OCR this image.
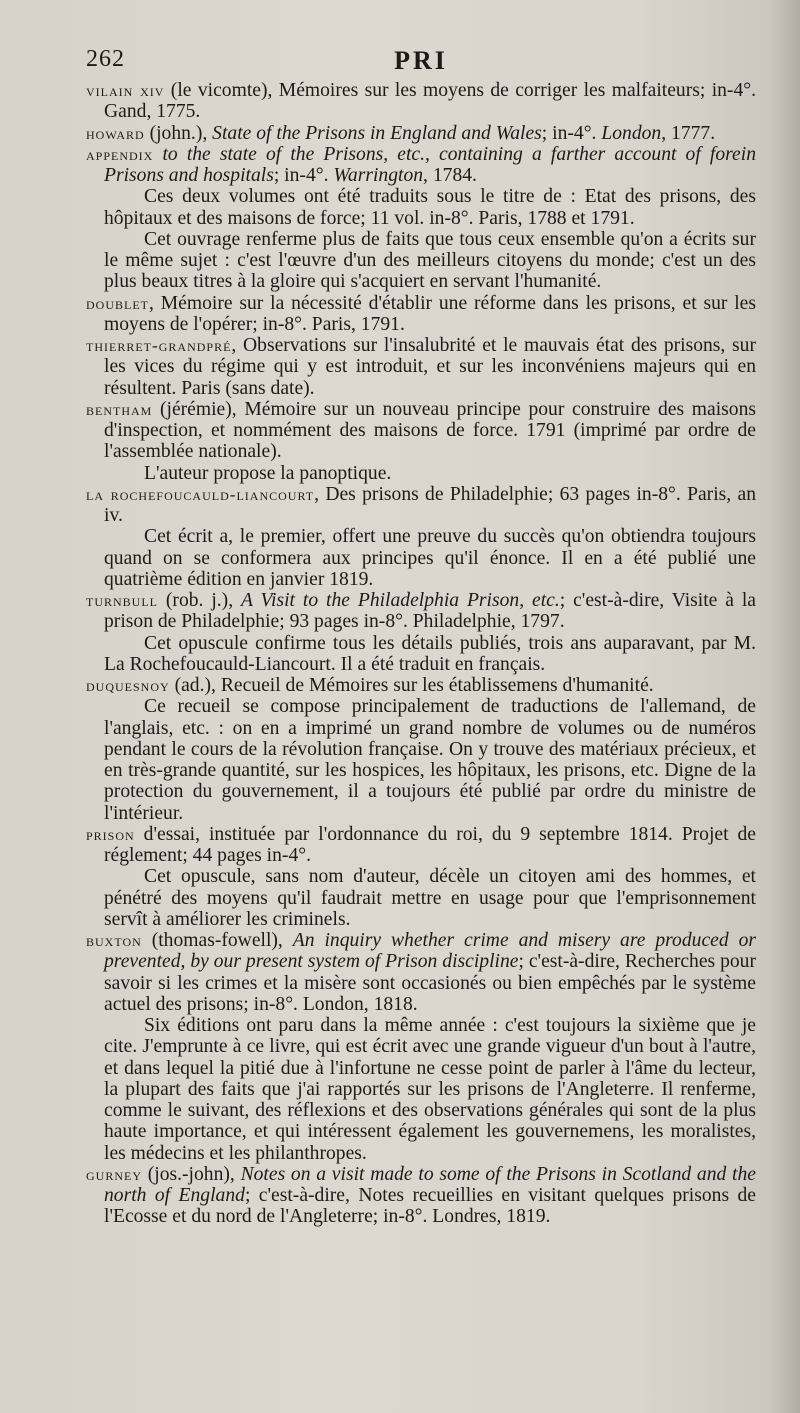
262	PRI

vilain xiv (le vicomte), Mémoires sur les moyens de corriger les malfaiteurs; in-4°. Gand, 1775.

howard (john.), State of the Prisons in England and Wales; in-4°. London, 1777.

appendix to the state of the Prisons, etc., containing a farther account of forein Prisons and hospitals; in-4°. Warrington, 1784.

Ces deux volumes ont été traduits sous le titre de : Etat des prisons, des hôpitaux et des maisons de force; 11 vol. in-8°. Paris, 1788 et 1791.

Cet ouvrage renferme plus de faits que tous ceux ensemble qu'on a écrits sur le même sujet : c'est l'œuvre d'un des meilleurs citoyens du monde; c'est un des plus beaux titres à la gloire qui s'acquiert en servant l'humanité.

doublet, Mémoire sur la nécessité d'établir une réforme dans les prisons, et sur les moyens de l'opérer; in-8°. Paris, 1791.

thierret-grandpré, Observations sur l'insalubrité et le mauvais état des prisons, sur les vices du régime qui y est introduit, et sur les inconvéniens majeurs qui en résultent. Paris (sans date).

bentham (jérémie), Mémoire sur un nouveau principe pour construire des maisons d'inspection, et nommément des maisons de force. 1791 (imprimé par ordre de l'assemblée nationale).

L'auteur propose la panoptique.

la rochefoucauld-liancourt, Des prisons de Philadelphie; 63 pages in-8°. Paris, an iv.

Cet écrit a, le premier, offert une preuve du succès qu'on obtiendra toujours quand on se conformera aux principes qu'il énonce. Il en a été publié une quatrième édition en janvier 1819.

turnbull (rob. j.), A Visit to the Philadelphia Prison, etc.; c'est-à-dire, Visite à la prison de Philadelphie; 93 pages in-8°. Philadelphie, 1797.

Cet opuscule confirme tous les détails publiés, trois ans auparavant, par M. La Rochefoucauld-Liancourt. Il a été traduit en français.

duquesnoy (ad.), Recueil de Mémoires sur les établissemens d'humanité.

Ce recueil se compose principalement de traductions de l'allemand, de l'anglais, etc. : on en a imprimé un grand nombre de volumes ou de numéros pendant le cours de la révolution française. On y trouve des matériaux précieux, et en très-grande quantité, sur les hospices, les hôpitaux, les prisons, etc. Digne de la protection du gouvernement, il a toujours été publié par ordre du ministre de l'intérieur.

prison d'essai, instituée par l'ordonnance du roi, du 9 septembre 1814. Projet de réglement; 44 pages in-4°.

Cet opuscule, sans nom d'auteur, décèle un citoyen ami des hommes, et pénétré des moyens qu'il faudrait mettre en usage pour que l'emprisonnement servît à améliorer les criminels.

buxton (thomas-fowell), An inquiry whether crime and misery are produced or prevented, by our present system of Prison discipline; c'est-à-dire, Recherches pour savoir si les crimes et la misère sont occasionés ou bien empêchés par le système actuel des prisons; in-8°. London, 1818.

Six éditions ont paru dans la même année : c'est toujours la sixième que je cite. J'emprunte à ce livre, qui est écrit avec une grande vigueur d'un bout à l'autre, et dans lequel la pitié due à l'infortune ne cesse point de parler à l'âme du lecteur, la plupart des faits que j'ai rapportés sur les prisons de l'Angleterre. Il renferme, comme le suivant, des réflexions et des observations générales qui sont de la plus haute importance, et qui intéressent également les gouvernemens, les moralistes, les médecins et les philanthropes.

gurney (jos.-john), Notes on a visit made to some of the Prisons in Scotland and the north of England; c'est-à-dire, Notes recueillies en visitant quelques prisons de l'Ecosse et du nord de l'Angleterre; in-8°. Londres, 1819.
